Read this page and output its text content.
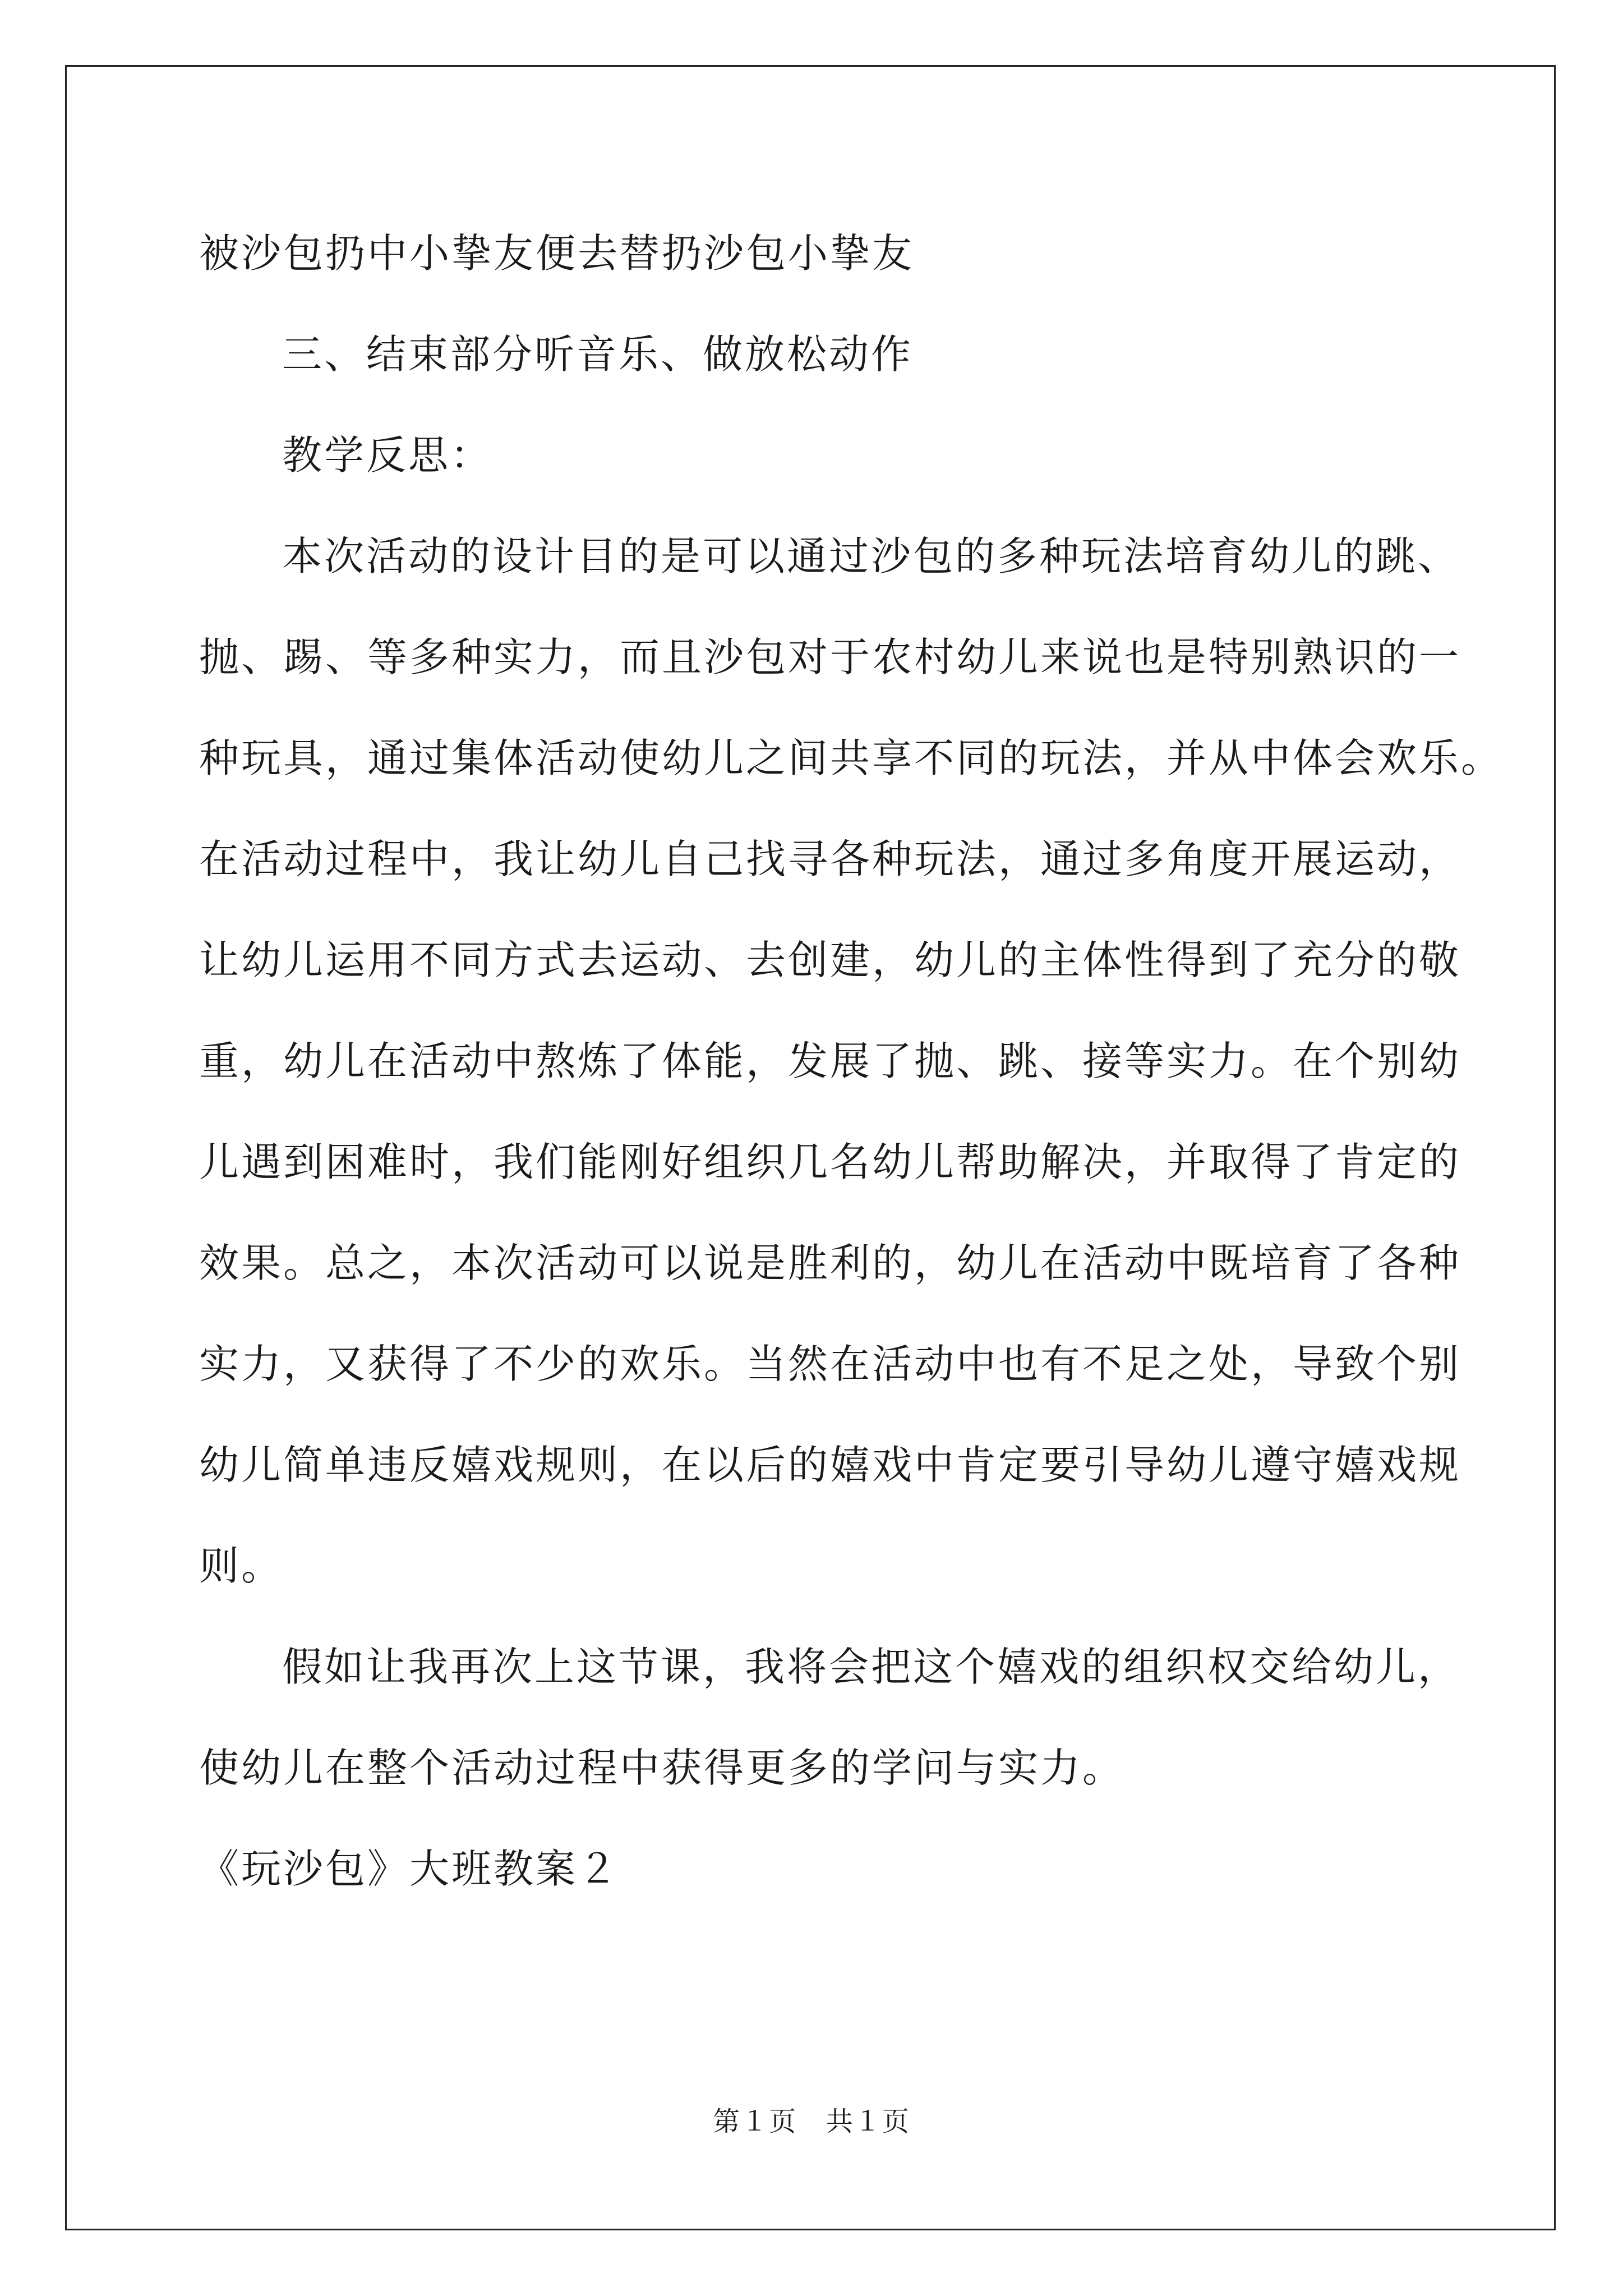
被沙包扔中小挚友便去替扔沙包小挚友
三、结束部分听音乐、做放松动作
教学反思：
本次活动的设计目的是可以通过沙包的多种玩法培育幼儿的跳、
抛、踢、等多种实力，而且沙包对于农村幼儿来说也是特别熟识的一
种玩具，通过集体活动使幼儿之间共享不同的玩法，并从中体会欢乐。
在活动过程中，我让幼儿自己找寻各种玩法，通过多角度开展运动，
让幼儿运用不同方式去运动、去创建，幼儿的主体性得到了充分的敬
重，幼儿在活动中熬炼了体能，发展了抛、跳、接等实力。在个别幼
儿遇到困难时，我们能刚好组织几名幼儿帮助解决，并取得了肯定的
效果。总之，本次活动可以说是胜利的，幼儿在活动中既培育了各种
实力，又获得了不少的欢乐。当然在活动中也有不足之处，导致个别
幼儿简单违反嬉戏规则，在以后的嬉戏中肯定要引导幼儿遵守嬉戏规
则。
假如让我再次上这节课，我将会把这个嬉戏的组织权交给幼儿，
使幼儿在整个活动过程中获得更多的学问与实力。
《玩沙包》大班教案２
第１页   共１页
